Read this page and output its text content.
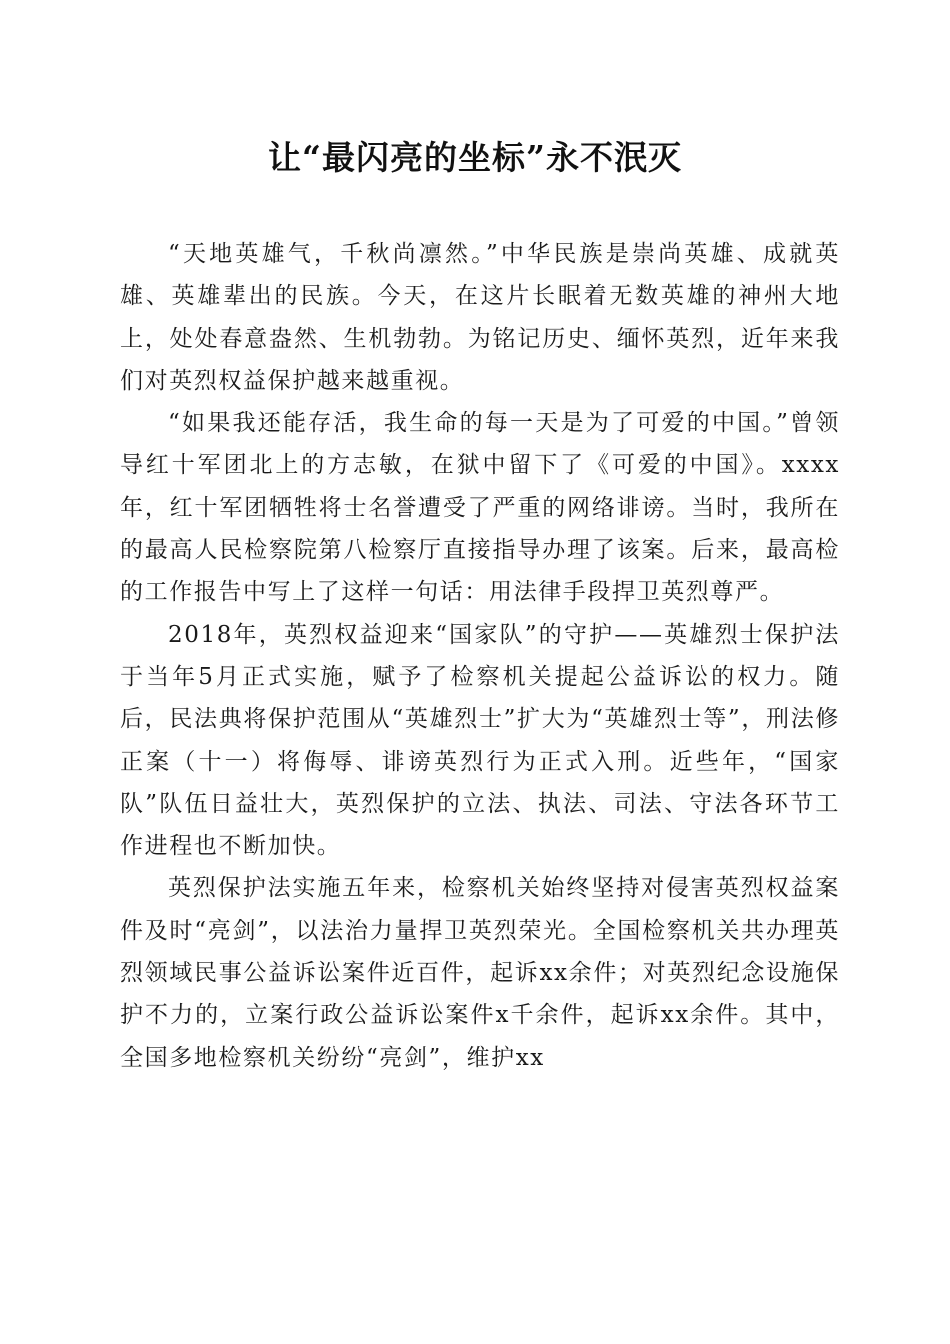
让“最闪亮的坐标”永不泯灭

“天地英雄气，千秋尚凛然。”中华民族是崇尚英雄、成就英雄、英雄辈出的民族。今天，在这片长眠着无数英雄的神州大地上，处处春意盎然、生机勃勃。为铭记历史、缅怀英烈，近年来我们对英烈权益保护越来越重视。

“如果我还能存活，我生命的每一天是为了可爱的中国。”曾领导红十军团北上的方志敏，在狱中留下了《可爱的中国》。xxxx年，红十军团牺牲将士名誉遭受了严重的网络诽谤。当时，我所在的最高人民检察院第八检察厅直接指导办理了该案。后来，最高检的工作报告中写上了这样一句话：用法律手段捍卫英烈尊严。

2018年，英烈权益迎来“国家队”的守护——英雄烈士保护法于当年5月正式实施，赋予了检察机关提起公益诉讼的权力。随后，民法典将保护范围从“英雄烈士”扩大为“英雄烈士等”，刑法修正案（十一）将侮辱、诽谤英烈行为正式入刑。近些年，“国家队”队伍日益壮大，英烈保护的立法、执法、司法、守法各环节工作进程也不断加快。

英烈保护法实施五年来，检察机关始终坚持对侵害英烈权益案件及时“亮剑”，以法治力量捍卫英烈荣光。全国检察机关共办理英烈领域民事公益诉讼案件近百件，起诉xx余件；对英烈纪念设施保护不力的，立案行政公益诉讼案件x千余件，起诉xx余件。其中，全国多地检察机关纷纷“亮剑”，维护xx
